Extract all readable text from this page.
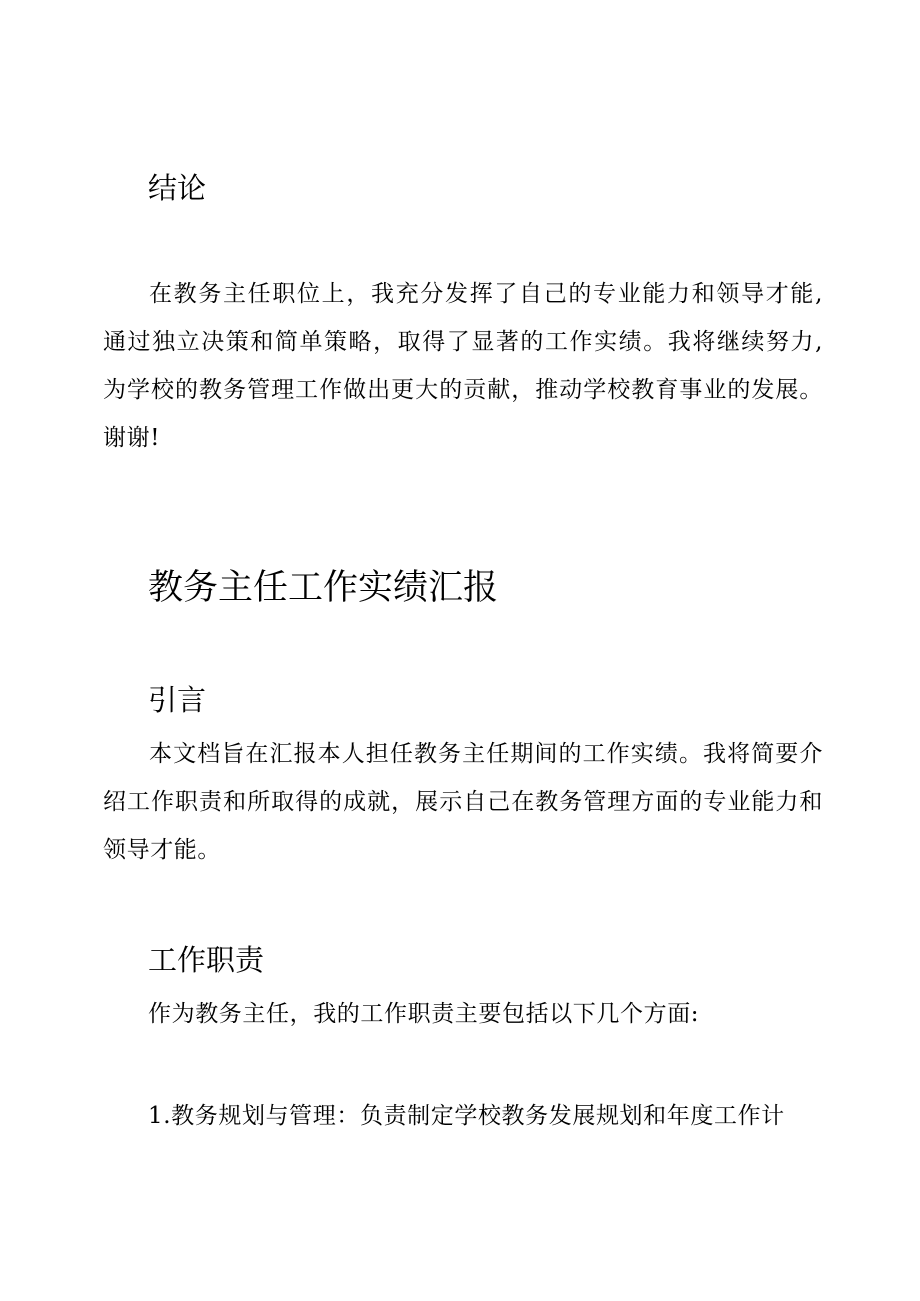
结论

在教务主任职位上，我充分发挥了自己的专业能力和领导才能, 通过独立决策和简单策略，取得了显著的工作实绩。我将继续努力, 为学校的教务管理工作做出更大的贡献，推动学校教育事业的发展。谢谢!

教务主任工作实绩汇报
引言

本文档旨在汇报本人担任教务主任期间的工作实绩。我将简要介绍工作职责和所取得的成就，展示自己在教务管理方面的专业能力和领导才能。

工作职责

作为教务主任，我的工作职责主要包括以下几个方面:

1.教务规划与管理：负责制定学校教务发展规划和年度工作计
